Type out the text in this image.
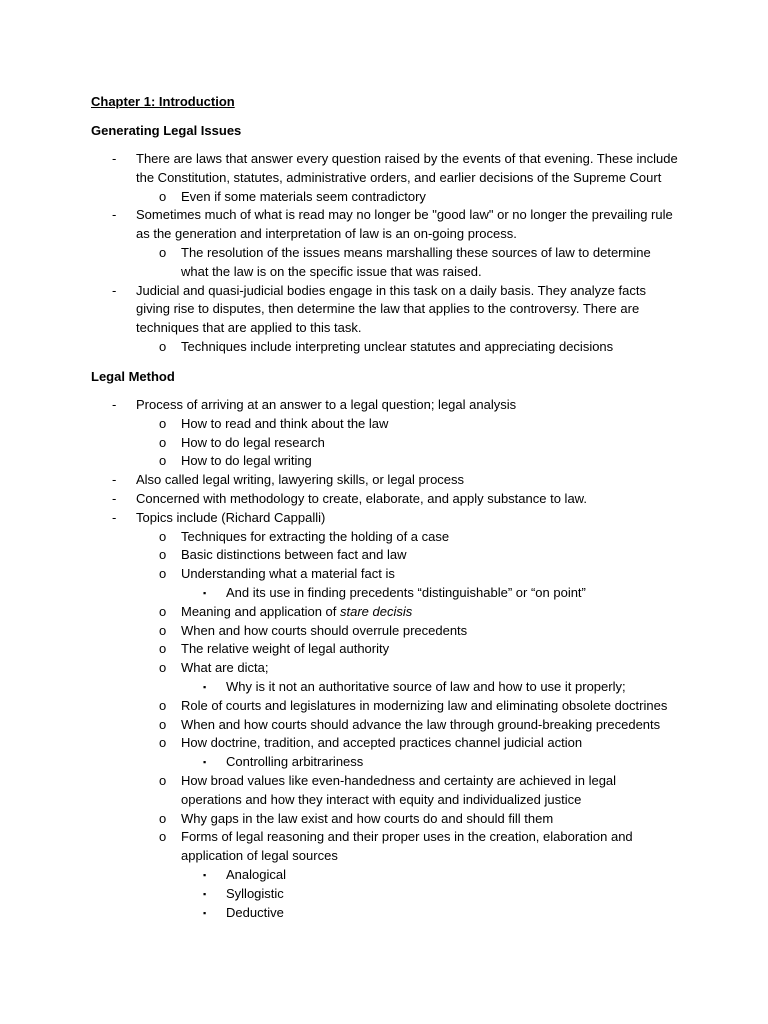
Chapter 1: Introduction
Generating Legal Issues
- There are laws that answer every question raised by the events of that evening. These include the Constitution, statutes, administrative orders, and earlier decisions of the Supreme Court
o Even if some materials seem contradictory
- Sometimes much of what is read may no longer be "good law" or no longer the prevailing rule as the generation and interpretation of law is an on-going process.
o The resolution of the issues means marshalling these sources of law to determine what the law is on the specific issue that was raised.
- Judicial and quasi-judicial bodies engage in this task on a daily basis. They analyze facts giving rise to disputes, then determine the law that applies to the controversy. There are techniques that are applied to this task.
o Techniques include interpreting unclear statutes and appreciating decisions
Legal Method
- Process of arriving at an answer to a legal question; legal analysis
o How to read and think about the law
o How to do legal research
o How to do legal writing
- Also called legal writing, lawyering skills, or legal process
- Concerned with methodology to create, elaborate, and apply substance to law.
- Topics include (Richard Cappalli)
o Techniques for extracting the holding of a case
o Basic distinctions between fact and law
o Understanding what a material fact is
▪ And its use in finding precedents “distinguishable” or “on point”
o Meaning and application of stare decisis
o When and how courts should overrule precedents
o The relative weight of legal authority
o What are dicta;
▪ Why is it not an authoritative source of law and how to use it properly;
o Role of courts and legislatures in modernizing law and eliminating obsolete doctrines
o When and how courts should advance the law through ground-breaking precedents
o How doctrine, tradition, and accepted practices channel judicial action
▪ Controlling arbitrariness
o How broad values like even-handedness and certainty are achieved in legal operations and how they interact with equity and individualized justice
o Why gaps in the law exist and how courts do and should fill them
o Forms of legal reasoning and their proper uses in the creation, elaboration and application of legal sources
▪ Analogical
▪ Syllogistic
▪ Deductive
